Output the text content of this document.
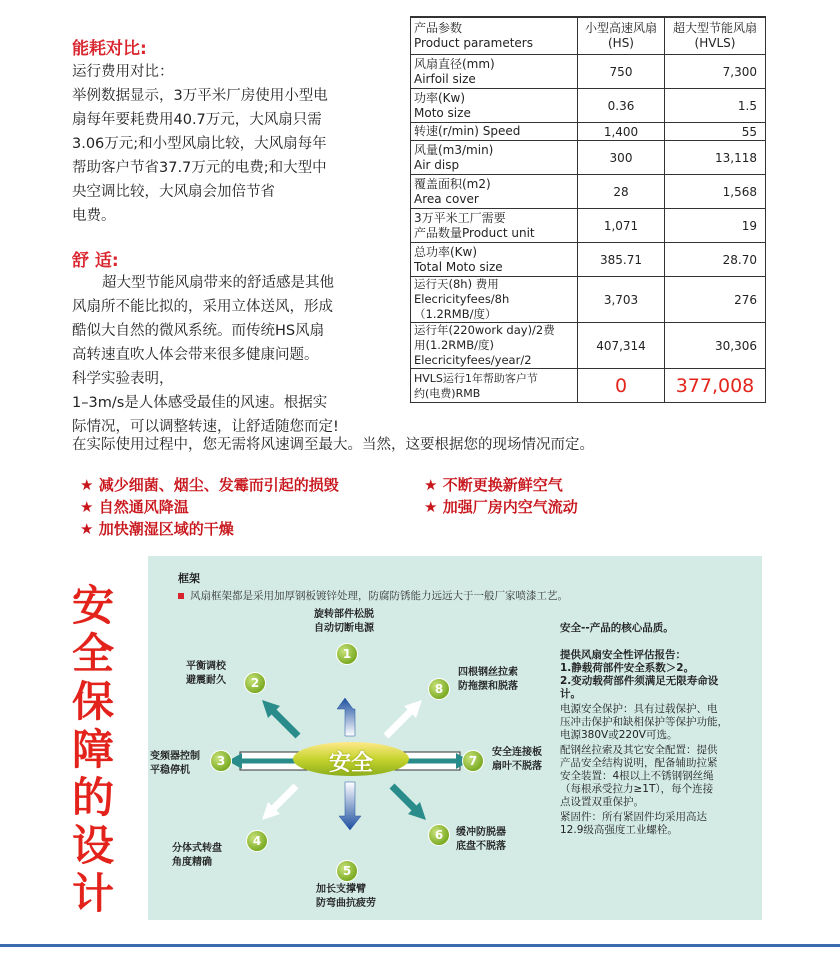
能耗对比:

运行费用对比：

举例数据显示，3万平米厂房使用小型电

扇每年要耗费用40.7万元，大风扇只需

3.06万元;和小型风扇比较，大风扇每年

帮助客户节省37.7万元的电费;和大型中

央空调比较，大风扇会加倍节省

电费。

舒 适:

超大型节能风扇带来的舒适感是其他

风扇所不能比拟的，采用立体送风，形成

酷似大自然的微风系统。而传统HS风扇

高转速直吹人体会带来很多健康问题。

科学实验表明，

1–3m/s是人体感受最佳的风速。根据实

际情况，可以调整转速，让舒适随您而定!

在实际使用过程中，您无需将风速调至最大。当然，这要根据您的现场情况而定。
产品参数
Product parameters	小型高速风扇 (HS)	超大型节能风扇 (HVLS)
风扇直径(mm)
Airfoil size	750	7,300
功率(Kw)
Moto size	0.36	1.5
转速(r/min) Speed	1,400	55
风量(m3/min)
Air disp	300	13,118
覆盖面积(m2)
Area cover	28	1,568
3万平米工厂需要
产品数量Product unit	1,071	19
总功率(Kw)
Total Moto size	385.71	28.70
运行天(8h) 费用
Elecricityfees/8h
（1.2RMB/度）	3,703	276
运行年(220work day)/2费
用(1.2RMB/度)
Elecricityfees/year/2	407,314	30,306
HVLS运行1年帮助客户节
约(电费)RMB	0	377,008
★ 减少细菌、烟尘、发霉而引起的损毁
★ 自然通风降温
★ 加快潮湿区域的干燥
★ 不断更换新鲜空气
★ 加强厂房内空气流动
安
全
保
障
的
设
计
框架
风扇框架都是采用加厚钢板镀锌处理，防腐防锈能力远远大于一般厂家喷漆工艺。
安全
1
旋转部件松脱
自动切断电源
2
平衡调校
避震耐久
3
变频器控制
平稳停机
4
分体式转盘
角度精确
5
加长支撑臂
防弯曲抗疲劳
6	缓冲防脱器
底盘不脱落
7
安全连接板
扇叶不脱落
8
四根钢丝拉索
防拖摆和脱落
安全--产品的核心品质。
提供风扇安全性评估报告：
1.静载荷部件安全系数＞2。
2.变动载荷部件须满足无限寿命设
计。
电源安全保护：具有过载保护、电
压冲击保护和缺相保护等保护功能，
电源380V或220V可选。
配钢丝拉索及其它安全配置：提供
产品安全结构说明，配备辅助拉紧
安全装置：4根以上不锈钢钢丝绳
（每根承受拉力≥1T），每个连接
点设置双重保护。
紧固件：所有紧固件均采用高达
12.9级高强度工业螺栓。
